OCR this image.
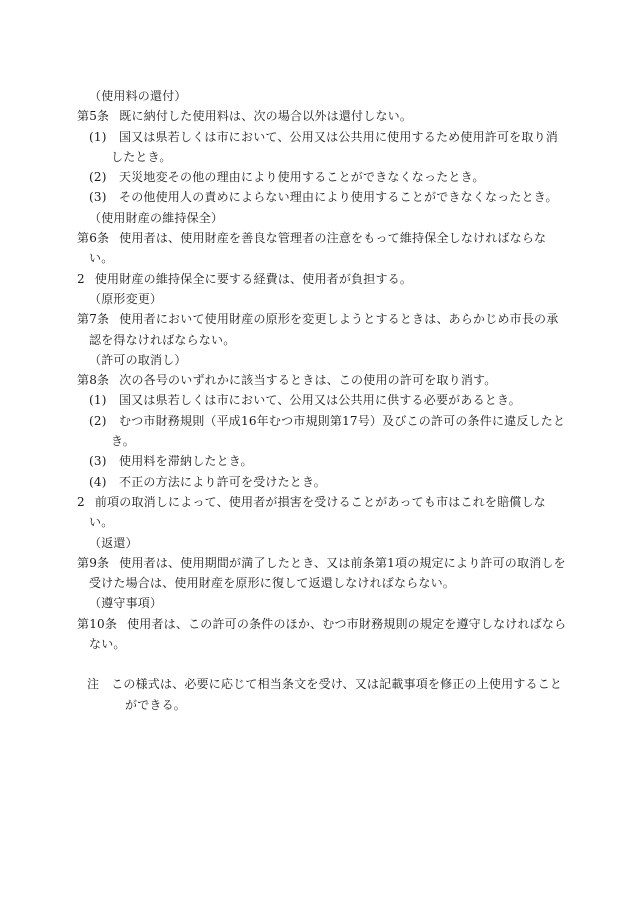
（使用料の還付）
第5条 既に納付した使用料は、次の場合以外は還付しない。
(1) 国又は県若しくは市において、公用又は公共用に使用するため使用許可を取り消したとき。
(2) 天災地変その他の理由により使用することができなくなったとき。
(3) その他使用人の責めによらない理由により使用することができなくなったとき。
（使用財産の維持保全）
第6条 使用者は、使用財産を善良な管理者の注意をもって維持保全しなければならない。
2 使用財産の維持保全に要する経費は、使用者が負担する。
（原形変更）
第7条 使用者において使用財産の原形を変更しようとするときは、あらかじめ市長の承認を得なければならない。
（許可の取消し）
第8条 次の各号のいずれかに該当するときは、この使用の許可を取り消す。
(1) 国又は県若しくは市において、公用又は公共用に供する必要があるとき。
(2) むつ市財務規則（平成16年むつ市規則第17号）及びこの許可の条件に違反したとき。
(3) 使用料を滞納したとき。
(4) 不正の方法により許可を受けたとき。
2 前項の取消しによって、使用者が損害を受けることがあっても市はこれを賠償しない。
（返還）
第9条 使用者は、使用期間が満了したとき、又は前条第1項の規定により許可の取消しを受けた場合は、使用財産を原形に復して返還しなければならない。
（遵守事項）
第10条 使用者は、この許可の条件のほか、むつ市財務規則の規定を遵守しなければならない。
注 この様式は、必要に応じて相当条文を受け、又は記載事項を修正の上使用することができる。
